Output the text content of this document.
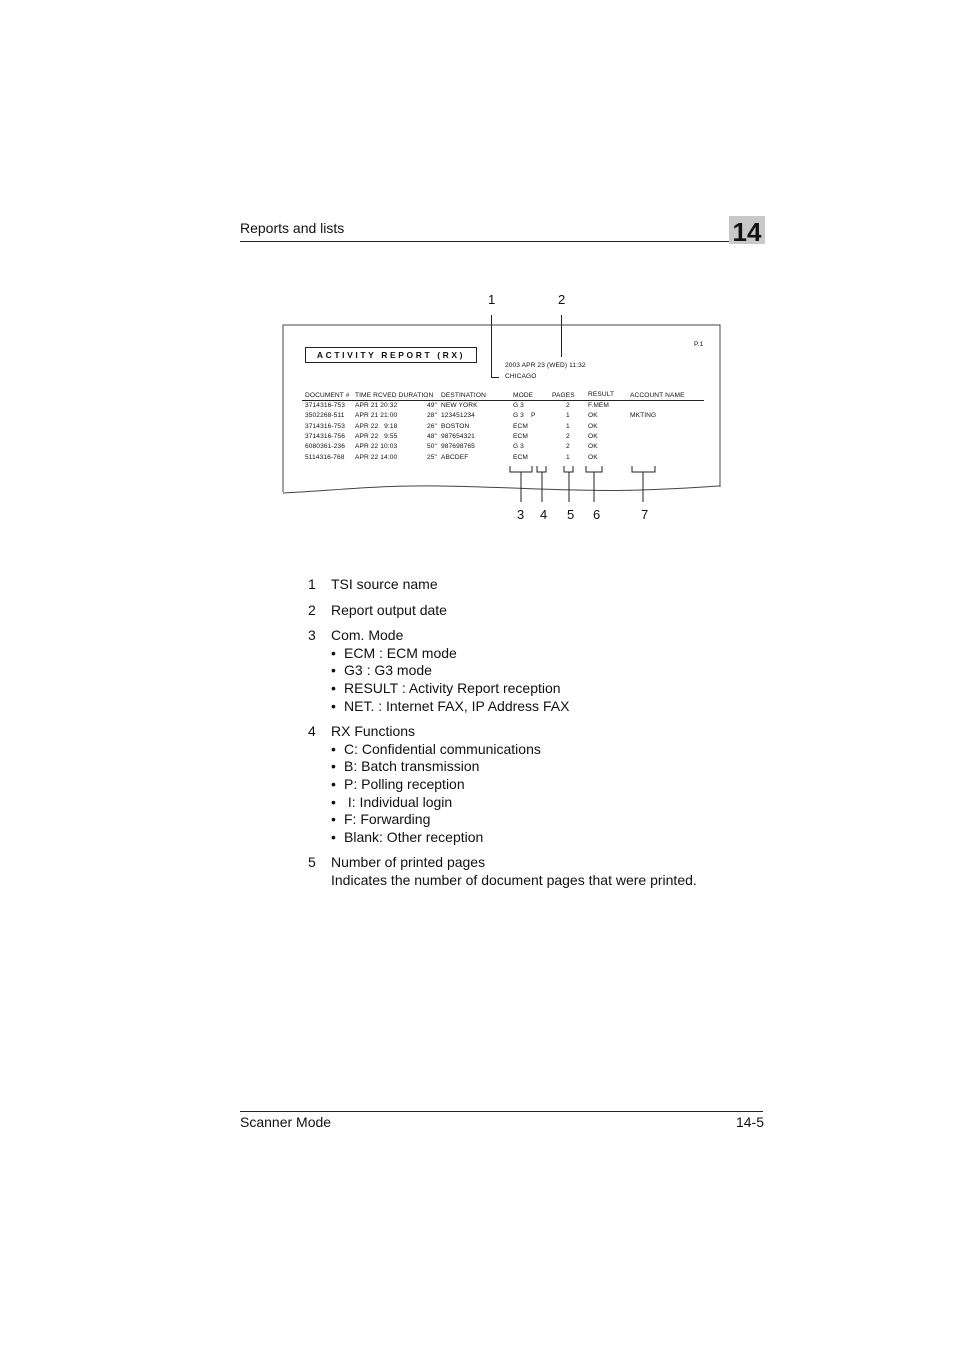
Reports and lists	14
1	2
3 4 5 6	7
ACTIVITY REPORT (RX)
P.1
2003 APR 23 (WED) 11:32
CHICAGO
DOCUMENT # TIME RCVED DURATION DESTINATION	MODE	PAGES RESULT ACCOUNT NAME
3714316-753 APR 21 20:32	49" NEW YORK	G 3	2	F.MEM
3502268-511 APR 21 21:00	28" 123451234	G 3 P	1	OK	MKTING
3714316-753 APR 22   9:18	26" BOSTON	ECM	1	OK
3714316-756 APR 22   9:55	48" 987654321	ECM	2	OK
6080361-236 APR 22 10:03	50" 987698765	G 3	2	OK
5114316-768 APR 22 14:00	25" ABCDEF	ECM	1	OK
1	TSI source name
2	Report output date
3	Com. Mode
• ECM : ECM mode
• G3 : G3 mode
• RESULT : Activity Report reception
• NET. : Internet FAX, IP Address FAX
4	RX Functions
• C: Confidential communications
• B: Batch transmission
• P: Polling reception
• I: Individual login
• F: Forwarding
• Blank: Other reception
5	Number of printed pages
Indicates the number of document pages that were printed.
Scanner Mode	14-5
